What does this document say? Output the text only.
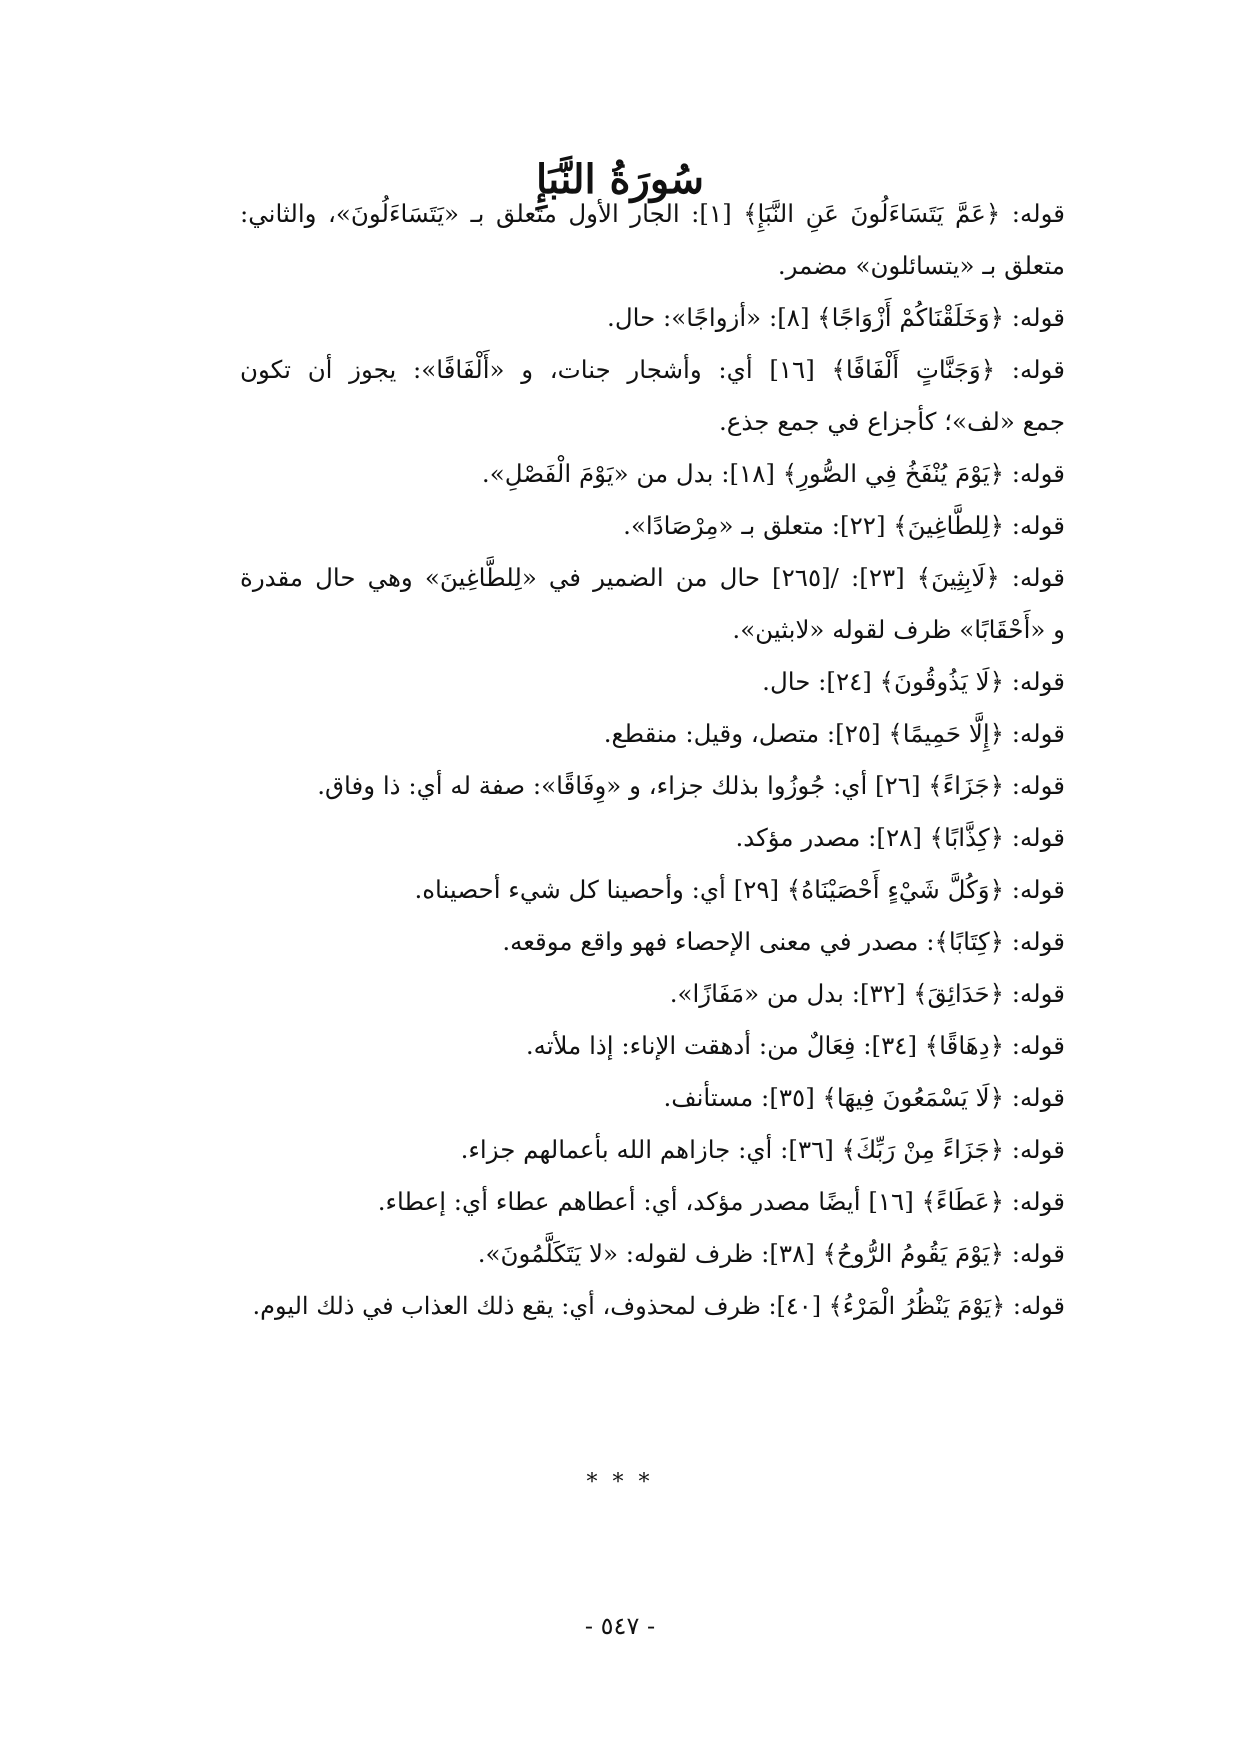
سُورَةُ النَّبَإِ
قوله: ﴿عَمَّ يَتَسَاءَلُونَ عَنِ النَّبَإِ﴾ [١]: الجار الأول متعلق بـ «يَتَسَاءَلُونَ»، والثاني:
متعلق بـ «يتسائلون» مضمر.
قوله: ﴿وَخَلَقْنَاكُمْ أَزْوَاجًا﴾ [٨]: «أزواجًا»: حال.
قوله: ﴿وَجَنَّاتٍ أَلْفَافًا﴾ [١٦] أي: وأشجار جنات، و «أَلْفَافًا»: يجوز أن تكون
جمع «لف»؛ كأجزاع في جمع جذع.
قوله: ﴿يَوْمَ يُنْفَخُ فِي الصُّورِ﴾ [١٨]: بدل من «يَوْمَ الْفَصْلِ».
قوله: ﴿لِلطَّاغِينَ﴾ [٢٢]: متعلق بـ «مِرْصَادًا».
قوله: ﴿لَابِثِينَ﴾ [٢٣]: /[٢٦٥] حال من الضمير في «لِلطَّاغِينَ» وهي حال مقدرة
و «أَحْقَابًا» ظرف لقوله «لابثين».
قوله: ﴿لَا يَذُوقُونَ﴾ [٢٤]: حال.
قوله: ﴿إِلَّا حَمِيمًا﴾ [٢٥]: متصل، وقيل: منقطع.
قوله: ﴿جَزَاءً﴾ [٢٦] أي: جُوزُوا بذلك جزاء، و «وِفَاقًا»: صفة له أي: ذا وفاق.
قوله: ﴿كِذَّابًا﴾ [٢٨]: مصدر مؤكد.
قوله: ﴿وَكُلَّ شَيْءٍ أَحْصَيْنَاهُ﴾ [٢٩] أي: وأحصينا كل شيء أحصيناه.
قوله: ﴿كِتَابًا﴾: مصدر في معنى الإحصاء فهو واقع موقعه.
قوله: ﴿حَدَائِقَ﴾ [٣٢]: بدل من «مَفَازًا».
قوله: ﴿دِهَاقًا﴾ [٣٤]: فِعَالٌ من: أدهقت الإناء: إذا ملأته.
قوله: ﴿لَا يَسْمَعُونَ فِيهَا﴾ [٣٥]: مستأنف.
قوله: ﴿جَزَاءً مِنْ رَبِّكَ﴾ [٣٦]: أي: جازاهم الله بأعمالهم جزاء.
قوله: ﴿عَطَاءً﴾ [١٦] أيضًا مصدر مؤكد، أي: أعطاهم عطاء أي: إعطاء.
قوله: ﴿يَوْمَ يَقُومُ الرُّوحُ﴾ [٣٨]: ظرف لقوله: «لا يَتَكَلَّمُونَ».
قوله: ﴿يَوْمَ يَنْظُرُ الْمَرْءُ﴾ [٤٠]: ظرف لمحذوف، أي: يقع ذلك العذاب في ذلك اليوم.
* * *
- ٥٤٧ -
